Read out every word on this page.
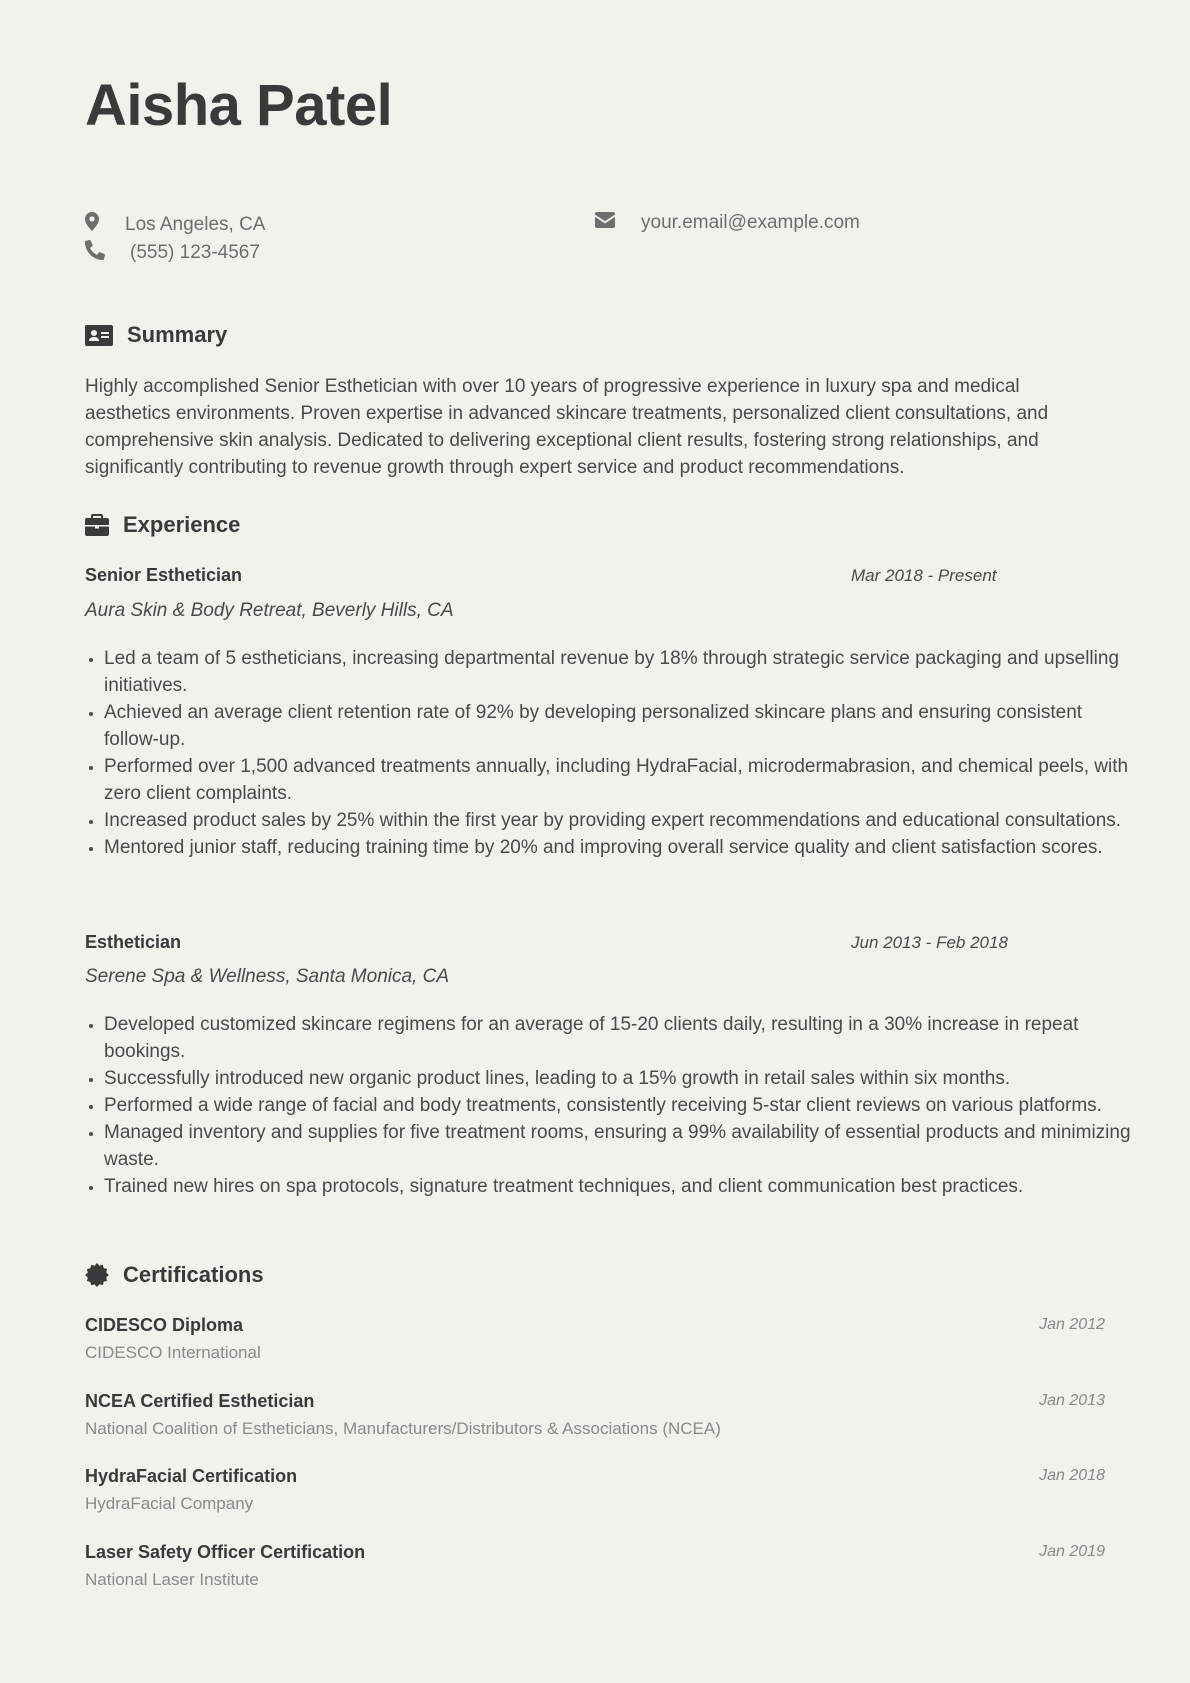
Aisha Patel
Los Angeles, CA
(555) 123-4567
your.email@example.com
Summary

Highly accomplished Senior Esthetician with over 10 years of progressive experience in luxury spa and medical aesthetics environments. Proven expertise in advanced skincare treatments, personalized client consultations, and comprehensive skin analysis. Dedicated to delivering exceptional client results, fostering strong relationships, and significantly contributing to revenue growth through expert service and product recommendations.

Experience
Senior Esthetician	Mar 2018 - Present
Aura Skin & Body Retreat, Beverly Hills, CA
• Led a team of 5 estheticians, increasing departmental revenue by 18% through strategic service packaging and upselling initiatives.
• Achieved an average client retention rate of 92% by developing personalized skincare plans and ensuring consistent follow-up.
• Performed over 1,500 advanced treatments annually, including HydraFacial, microdermabrasion, and chemical peels, with zero client complaints.
• Increased product sales by 25% within the first year by providing expert recommendations and educational consultations.
• Mentored junior staff, reducing training time by 20% and improving overall service quality and client satisfaction scores.
Esthetician	Jun 2013 - Feb 2018
Serene Spa & Wellness, Santa Monica, CA
• Developed customized skincare regimens for an average of 15-20 clients daily, resulting in a 30% increase in repeat bookings.
• Successfully introduced new organic product lines, leading to a 15% growth in retail sales within six months.
• Performed a wide range of facial and body treatments, consistently receiving 5-star client reviews on various platforms.
• Managed inventory and supplies for five treatment rooms, ensuring a 99% availability of essential products and minimizing waste.
• Trained new hires on spa protocols, signature treatment techniques, and client communication best practices.
Certifications
CIDESCO Diploma	Jan 2012
CIDESCO International
NCEA Certified Esthetician	Jan 2013
National Coalition of Estheticians, Manufacturers/Distributors & Associations (NCEA)
HydraFacial Certification	Jan 2018
HydraFacial Company
Laser Safety Officer Certification	Jan 2019
National Laser Institute
